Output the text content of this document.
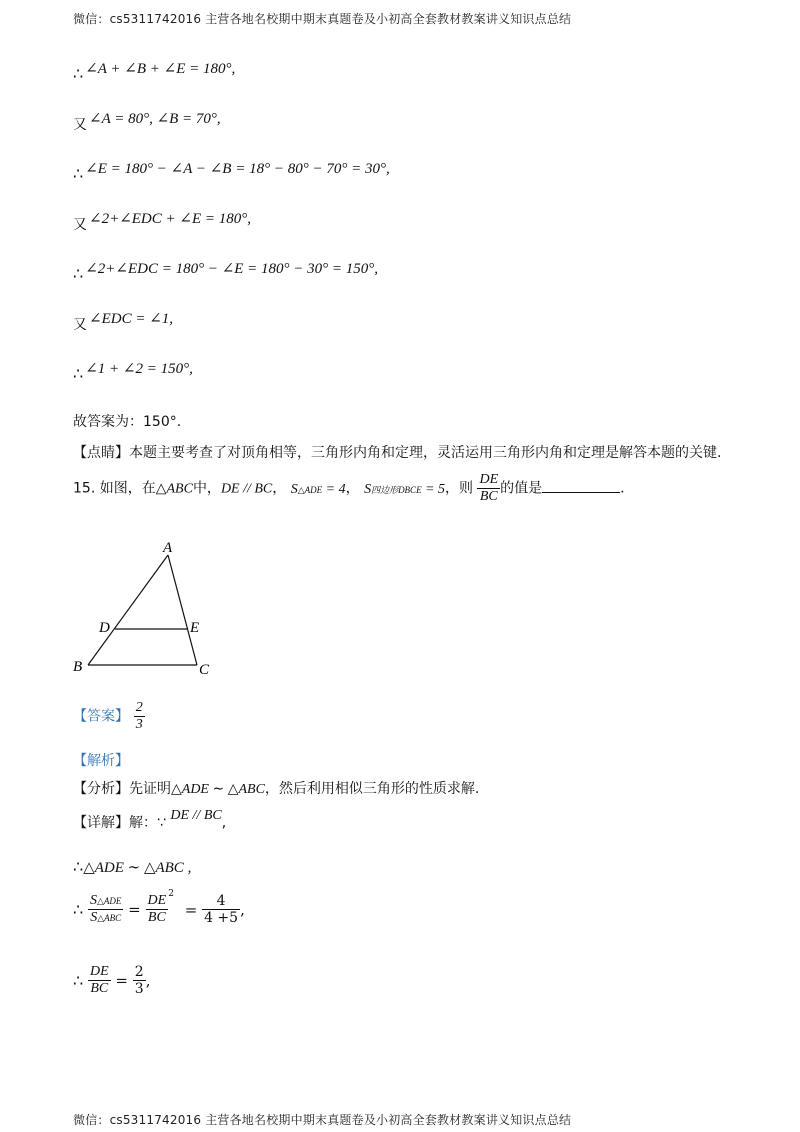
微信：cs5311742016 主营各地名校期中期末真题卷及小初高全套教材教案讲义知识点总结
∴ ∠A + ∠B + ∠E = 180°,
又 ∠A = 80°, ∠B = 70°,
∴ ∠E = 180° − ∠A − ∠B = 18° − 80° − 70° = 30°,
又 ∠2+∠EDC + ∠E = 180°,
∴ ∠2+∠EDC = 180° − ∠E = 180° − 30° = 150°,
又 ∠EDC = ∠1,
∴ ∠1 + ∠2 = 150°,
故答案为：150°.
【点睛】本题主要考查了对顶角相等，三角形内角和定理，灵活运用三角形内角和定理是解答本题的关键.
15. 如图，在△ABC中，DE // BC， S△ADE = 4， S四边形DBCE = 5，则 $\frac{DE}{BC}$ 的值是	.
A
B	C
D	E
【答案】 $\frac{2}{3}$
【解析】
【分析】先证明△ADE ∼ △ABC，然后利用相似三角形的性质求解.
【详解】解：∵ DE // BC,
∴△ADE ∼ △ABC ,
∴ $\frac{\text{S△ADE}}{\text{S△ABC}} = \frac{DE}{BC} ^2 = \frac{4}{4 +5}$ ,
∴ $\frac{DE}{BC} = \frac{2}{3}$ ,
微信：cs5311742016 主营各地名校期中期末真题卷及小初高全套教材教案讲义知识点总结
